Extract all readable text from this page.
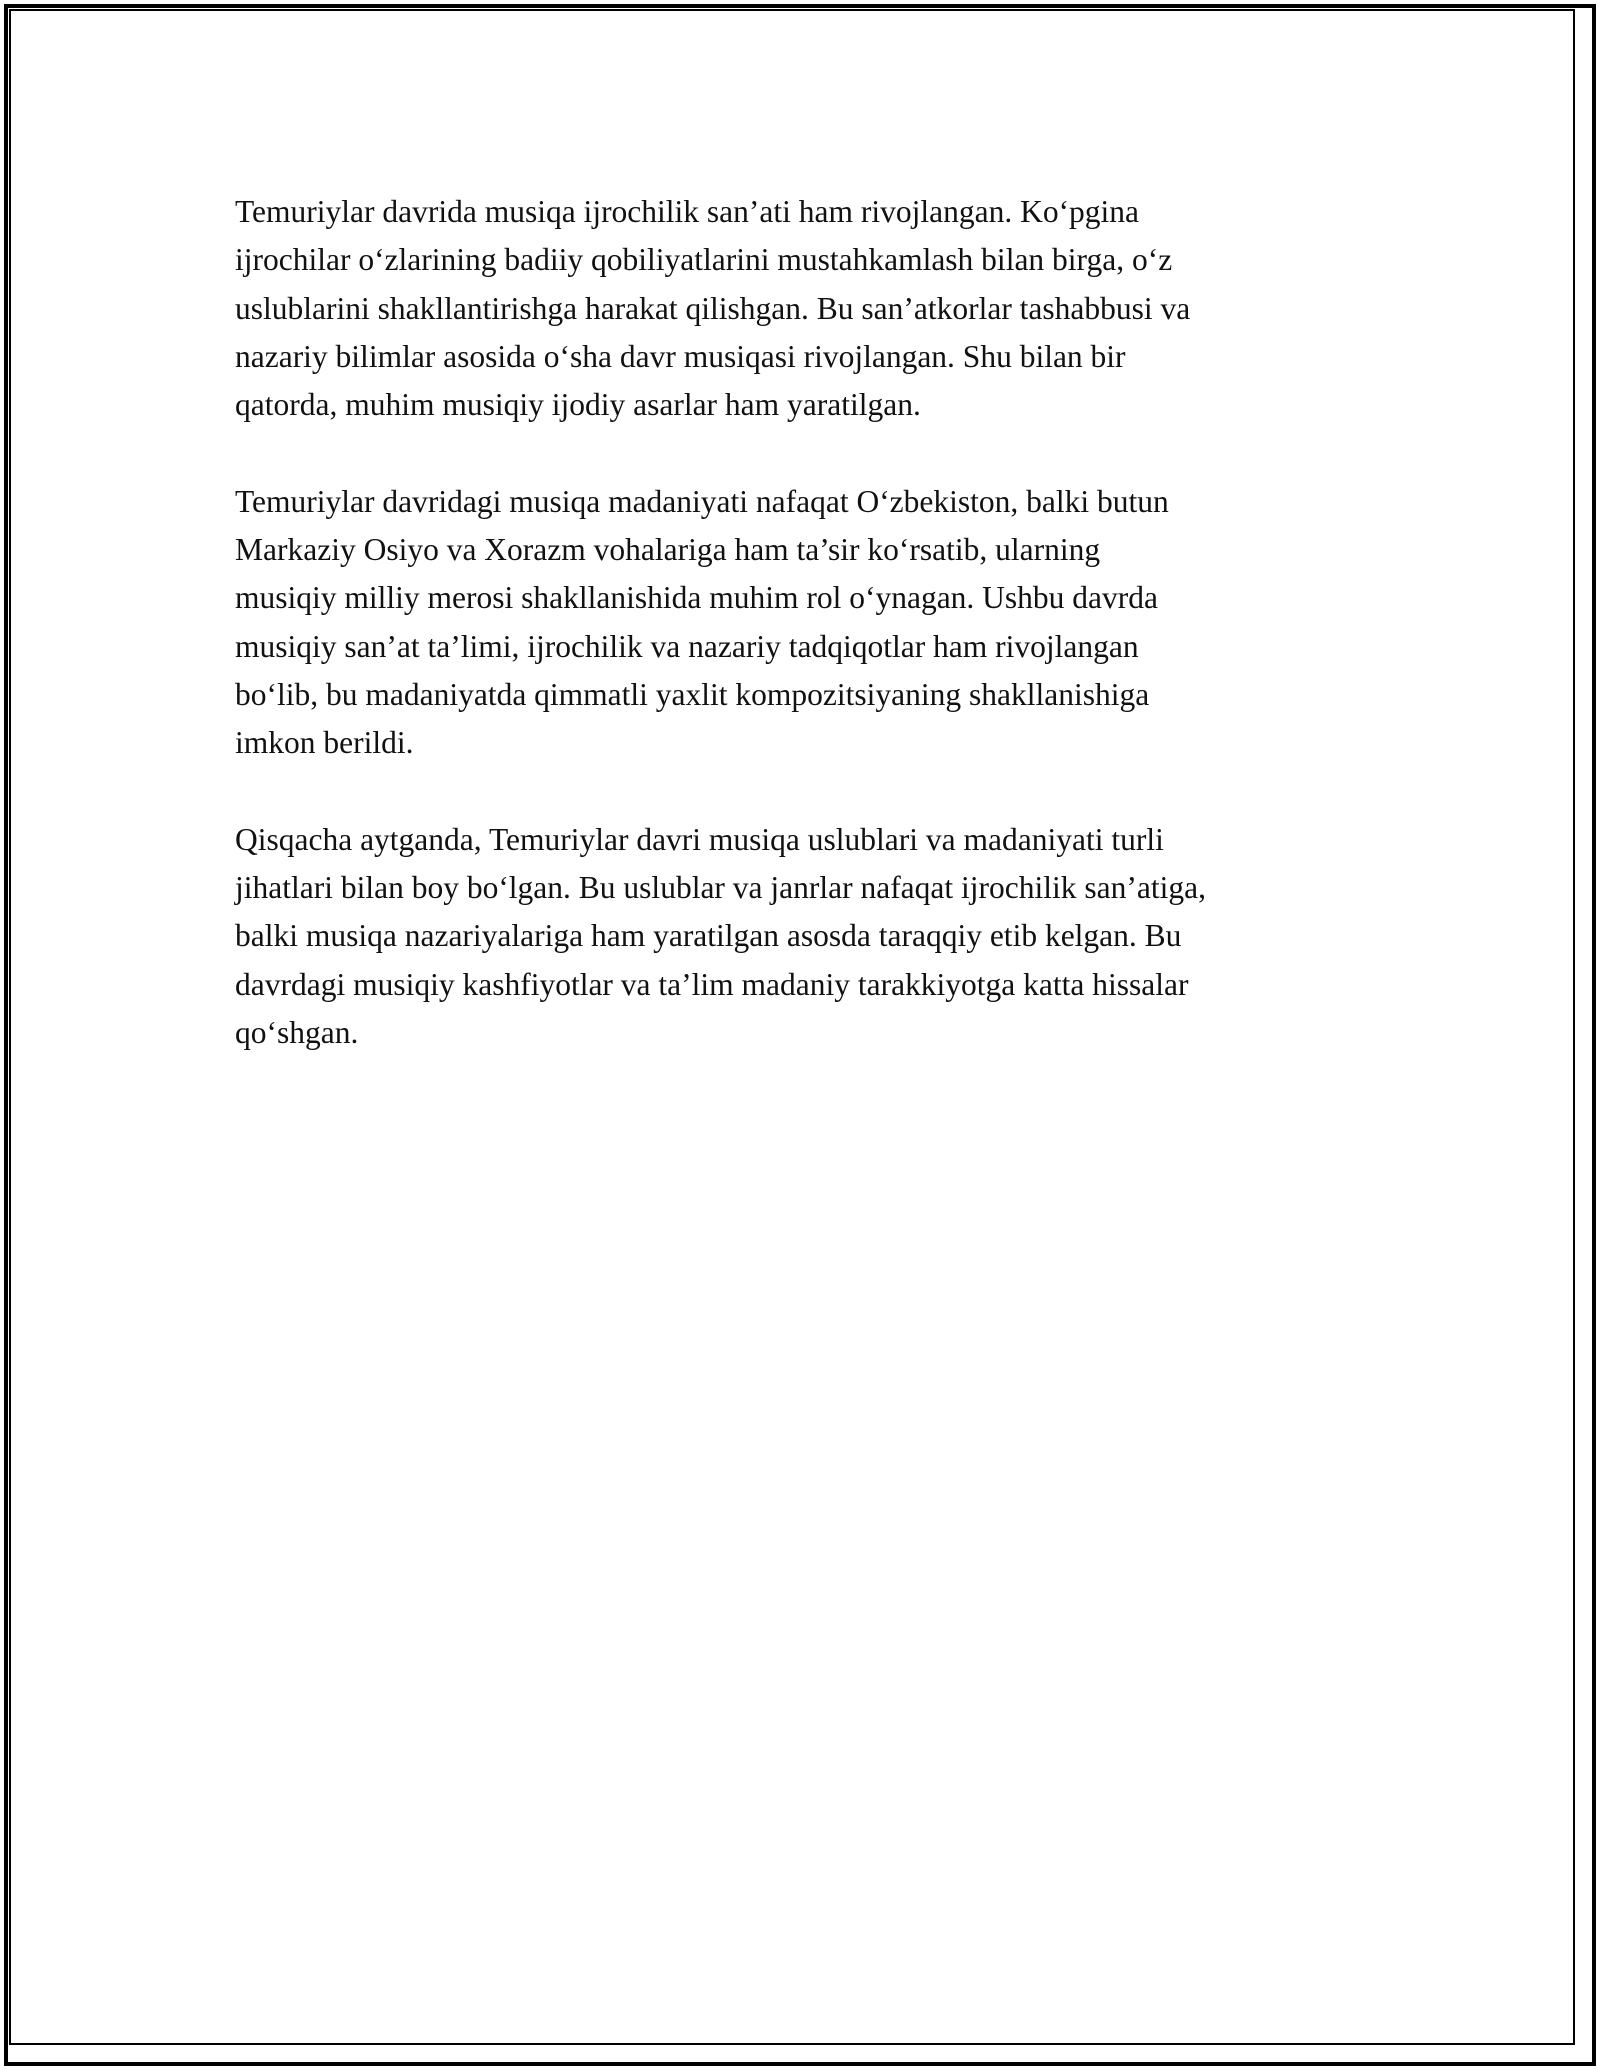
Temuriylar davrida musiqa ijrochilik san’ati ham rivojlangan. Ko‘pgina
ijrochilar o‘zlarining badiiy qobiliyatlarini mustahkamlash bilan birga, o‘z
uslublarini shakllantirishga harakat qilishgan. Bu san’atkorlar tashabbusi va
nazariy bilimlar asosida o‘sha davr musiqasi rivojlangan. Shu bilan bir
qatorda, muhim musiqiy ijodiy asarlar ham yaratilgan.

Temuriylar davridagi musiqa madaniyati nafaqat O‘zbekiston, balki butun
Markaziy Osiyo va Xorazm vohalariga ham ta’sir ko‘rsatib, ularning
musiqiy milliy merosi shakllanishida muhim rol o‘ynagan. Ushbu davrda
musiqiy san’at ta’limi, ijrochilik va nazariy tadqiqotlar ham rivojlangan
bo‘lib, bu madaniyatda qimmatli yaxlit kompozitsiyaning shakllanishiga
imkon berildi.

Qisqacha aytganda, Temuriylar davri musiqa uslublari va madaniyati turli
jihatlari bilan boy bo‘lgan. Bu uslublar va janrlar nafaqat ijrochilik san’atiga,
balki musiqa nazariyalariga ham yaratilgan asosda taraqqiy etib kelgan. Bu
davrdagi musiqiy kashfiyotlar va ta’lim madaniy tarakkiyotga katta hissalar
qo‘shgan.
